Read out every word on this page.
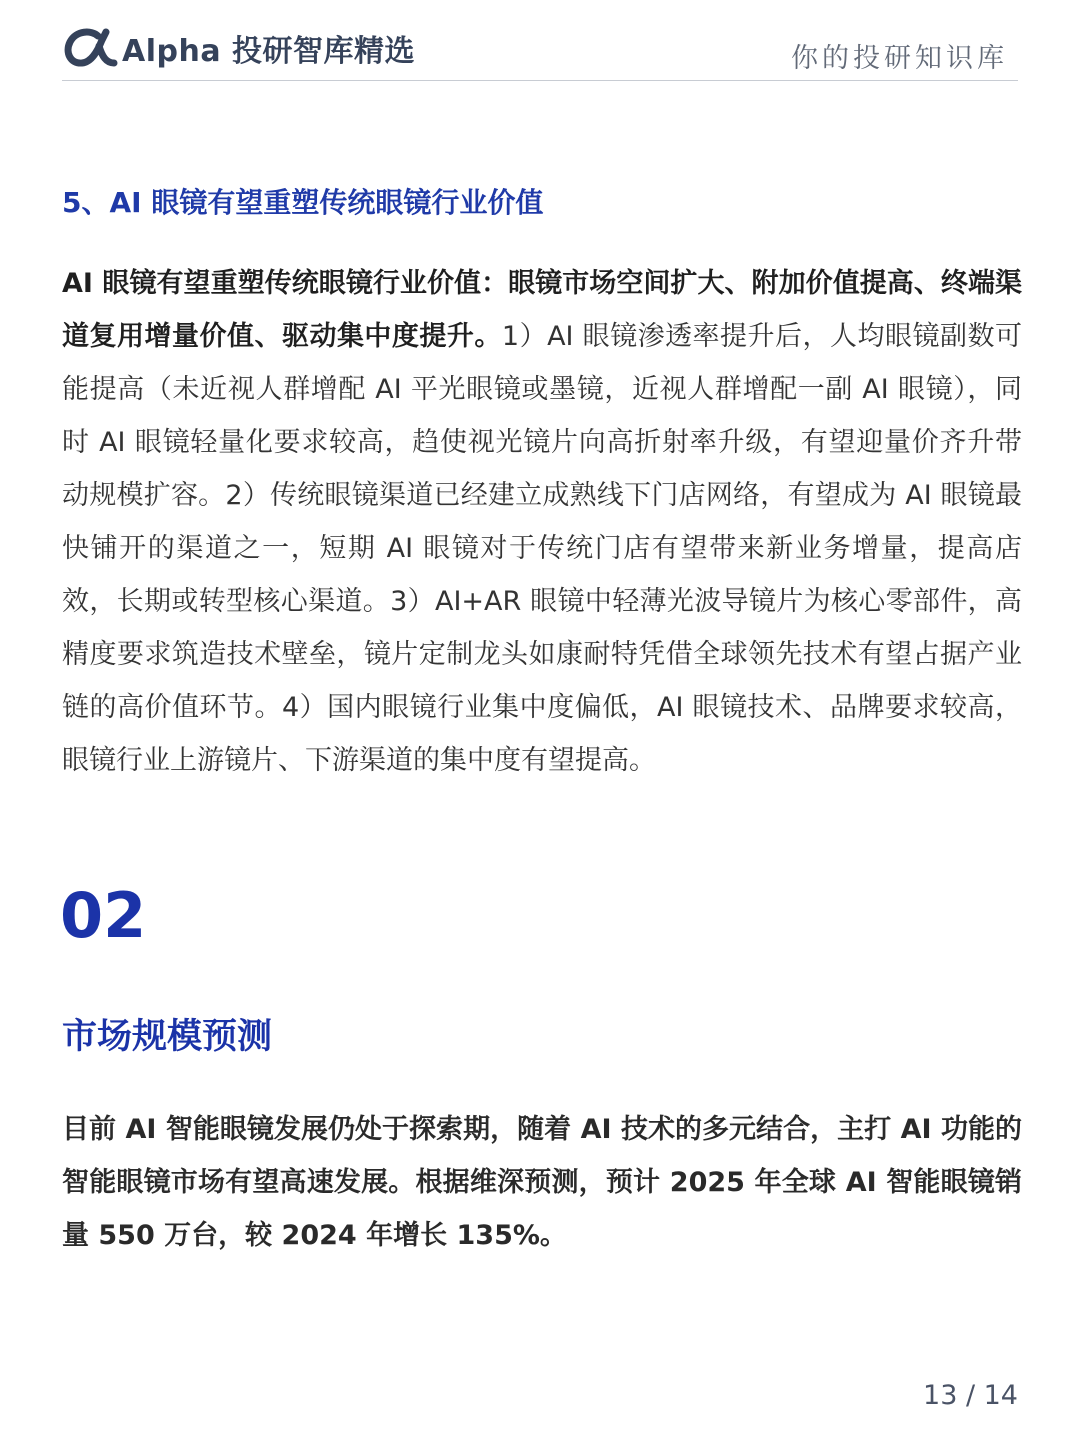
Alpha 投研智库精选	你的投研知识库
5、AI 眼镜有望重塑传统眼镜行业价值

AI 眼镜有望重塑传统眼镜行业价值：眼镜市场空间扩大、附加价值提高、终端渠道复用增量价值、驱动集中度提升。1）AI 眼镜渗透率提升后，人均眼镜副数可能提高（未近视人群增配 AI 平光眼镜或墨镜，近视人群增配一副 AI 眼镜），同时 AI 眼镜轻量化要求较高，趋使视光镜片向高折射率升级，有望迎量价齐升带动规模扩容。2）传统眼镜渠道已经建立成熟线下门店网络，有望成为 AI 眼镜最快铺开的渠道之一，短期 AI 眼镜对于传统门店有望带来新业务增量，提高店效，长期或转型核心渠道。3）AI+AR 眼镜中轻薄光波导镜片为核心零部件，高精度要求筑造技术壁垒，镜片定制龙头如康耐特凭借全球领先技术有望占据产业链的高价值环节。4）国内眼镜行业集中度偏低，AI 眼镜技术、品牌要求较高，眼镜行业上游镜片、下游渠道的集中度有望提高。

02
市场规模预测

目前 AI 智能眼镜发展仍处于探索期，随着 AI 技术的多元结合，主打 AI 功能的智能眼镜市场有望高速发展。根据维深预测，预计 2025 年全球 AI 智能眼镜销量 550 万台，较 2024 年增长 135%。

13 / 14
